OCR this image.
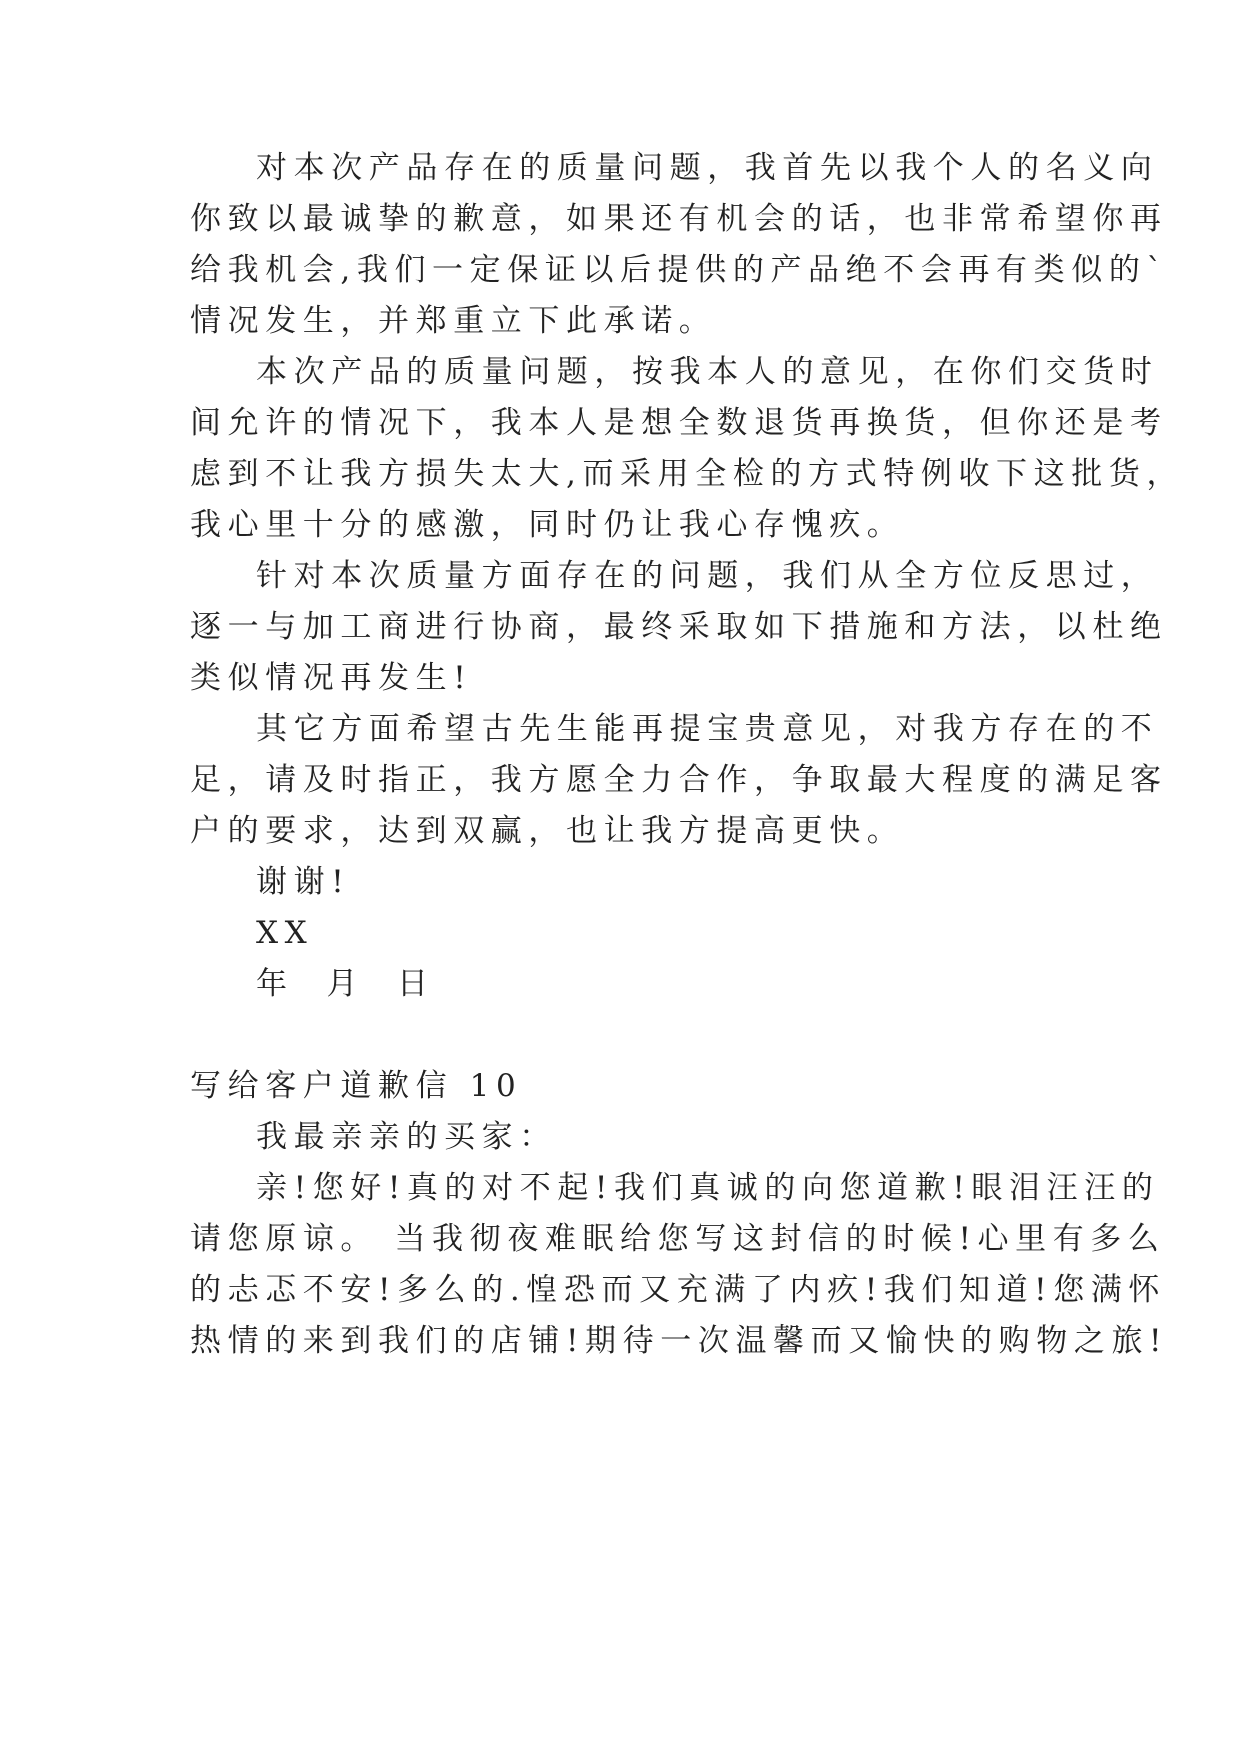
对本次产品存在的质量问题，我首先以我个人的名义向
你致以最诚挚的歉意，如果还有机会的话，也非常希望你再
给我机会,我们一定保证以后提供的产品绝不会再有类似的`
情况发生，并郑重立下此承诺。
本次产品的质量问题，按我本人的意见，在你们交货时
间允许的情况下，我本人是想全数退货再换货，但你还是考
虑到不让我方损失太大,而采用全检的方式特例收下这批货，
我心里十分的感激，同时仍让我心存愧疚。
针对本次质量方面存在的问题，我们从全方位反思过，
逐一与加工商进行协商，最终采取如下措施和方法，以杜绝
类似情况再发生!
其它方面希望古先生能再提宝贵意见，对我方存在的不
足，请及时指正，我方愿全力合作，争取最大程度的满足客
户的要求，达到双赢，也让我方提高更快。
谢谢!
XX
年  月  日
写给客户道歉信 10
我最亲亲的买家：
亲!您好!真的对不起!我们真诚的向您道歉!眼泪汪汪的
请您原谅。 当我彻夜难眠给您写这封信的时候!心里有多么
的忐忑不安!多么的.惶恐而又充满了内疚!我们知道!您满怀
热情的来到我们的店铺!期待一次温馨而又愉快的购物之旅!
